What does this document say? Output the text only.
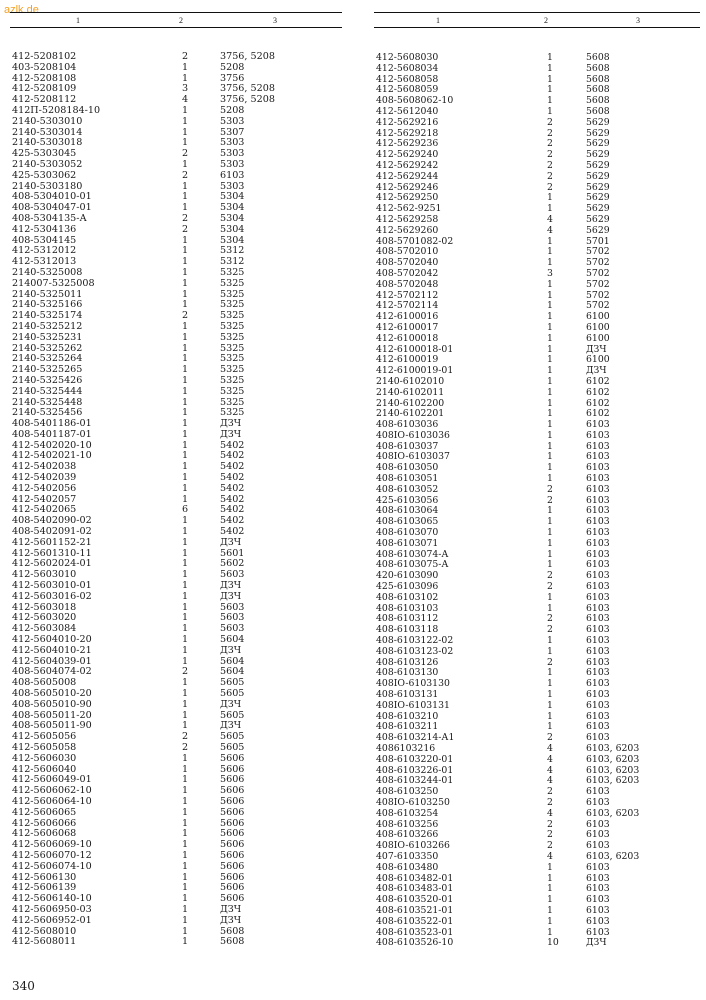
azlk.de
1	2	3
412-5208102	2	3756, 5208
403-5208104	1	5208
412-5208108	1	3756
412-5208109	3	3756, 5208
412-5208112	4	3756, 5208
412П-5208184-10	1	5208
2140-5303010	1	5303
2140-5303014	1	5307
2140-5303018	1	5303
425-5303045	2	5303
2140-5303052	1	5303
425-5303062	2	6103
2140-5303180	1	5303
408-5304010-01	1	5304
408-5304047-01	1	5304
408-5304135-А	2	5304
412-5304136	2	5304
408-5304145	1	5304
412-5312012	1	5312
412-5312013	1	5312
2140-5325008	1	5325
214007-5325008	1	5325
2140-5325011	1	5325
2140-5325166	1	5325
2140-5325174	2	5325
2140-5325212	1	5325
2140-5325231	1	5325
2140-5325262	1	5325
2140-5325264	1	5325
2140-5325265	1	5325
2140-5325426	1	5325
2140-5325444	1	5325
2140-5325448	1	5325
2140-5325456	1	5325
408-5401186-01	1	ДЗЧ
408-5401187-01	1	ДЗЧ
412-5402020-10	1	5402
412-5402021-10	1	5402
412-5402038	1	5402
412-5402039	1	5402
412-5402056	1	5402
412-5402057	1	5402
412-5402065	6	5402
408-5402090-02	1	5402
408-5402091-02	1	5402
412-5601152-21	1	ДЗЧ
412-5601310-11	1	5601
412-5602024-01	1	5602
412-5603010	1	5603
412-5603010-01	1	ДЗЧ
412-5603016-02	1	ДЗЧ
412-5603018	1	5603
412-5603020	1	5603
412-5603084	1	5603
412-5604010-20	1	5604
412-5604010-21	1	ДЗЧ
412-5604039-01	1	5604
408-5604074-02	2	5604
408-5605008	1	5605
408-5605010-20	1	5605
408-5605010-90	1	ДЗЧ
408-5605011-20	1	5605
408-5605011-90	1	ДЗЧ
412-5605056	2	5605
412-5605058	2	5605
412-5606030	1	5606
412-5606040	1	5606
412-5606049-01	1	5606
412-5606062-10	1	5606
412-5606064-10	1	5606
412-5606065	1	5606
412-5606066	1	5606
412-5606068	1	5606
412-5606069-10	1	5606
412-5606070-12	1	5606
412-5606074-10	1	5606
412-5606130	1	5606
412-5606139	1	5606
412-5606140-10	1	5606
412-5606950-03	1	ДЗЧ
412-5606952-01	1	ДЗЧ
412-5608010	1	5608
412-5608011	1	5608
1	2	3
412-5608030	1	5608
412-5608034	1	5608
412-5608058	1	5608
412-5608059	1	5608
408-5608062-10	1	5608
412-5612040	1	5608
412-5629216	2	5629
412-5629218	2	5629
412-5629236	2	5629
412-5629240	2	5629
412-5629242	2	5629
412-5629244	2	5629
412-5629246	2	5629
412-5629250	1	5629
412-562-9251	1	5629
412-5629258	4	5629
412-5629260	4	5629
408-5701082-02	1	5701
408-5702010	1	5702
408-5702040	1	5702
408-5702042	3	5702
408-5702048	1	5702
412-5702112	1	5702
412-5702114	1	5702
412-6100016	1	6100
412-6100017	1	6100
412-6100018	1	6100
412-6100018-01	1	ДЗЧ
412-6100019	1	6100
412-6100019-01	1	ДЗЧ
2140-6102010	1	6102
2140-6102011	1	6102
2140-6102200	1	6102
2140-6102201	1	6102
408-6103036	1	6103
408IO-6103036	1	6103
408-6103037	1	6103
408IO-6103037	1	6103
408-6103050	1	6103
408-6103051	1	6103
408-6103052	2	6103
425-6103056	2	6103
408-6103064	1	6103
408-6103065	1	6103
408-6103070	1	6103
408-6103071	1	6103
408-6103074-А	1	6103
408-6103075-А	1	6103
420-6103090	2	6103
425-6103096	2	6103
408-6103102	1	6103
408-6103103	1	6103
408-6103112	2	6103
408-6103118	2	6103
408-6103122-02	1	6103
408-6103123-02	1	6103
408-6103126	2	6103
408-6103130	1	6103
408IO-6103130	1	6103
408-6103131	1	6103
408IO-6103131	1	6103
408-6103210	1	6103
408-6103211	1	6103
408-6103214-А1	2	6103
4086103216	4	6103, 6203
408-6103220-01	4	6103, 6203
408-6103226-01	4	6103, 6203
408-6103244-01	4	6103, 6203
408-6103250	2	6103
408IO-6103250	2	6103
408-6103254	4	6103, 6203
408-6103256	2	6103
408-6103266	2	6103
408IO-6103266	2	6103
407-6103350	4	6103, 6203
408-6103480	1	6103
408-6103482-01	1	6103
408-6103483-01	1	6103
408-6103520-01	1	6103
408-6103521-01	1	6103
408-6103522-01	1	6103
408-6103523-01	1	6103
408-6103526-10	10	ДЗЧ
340
